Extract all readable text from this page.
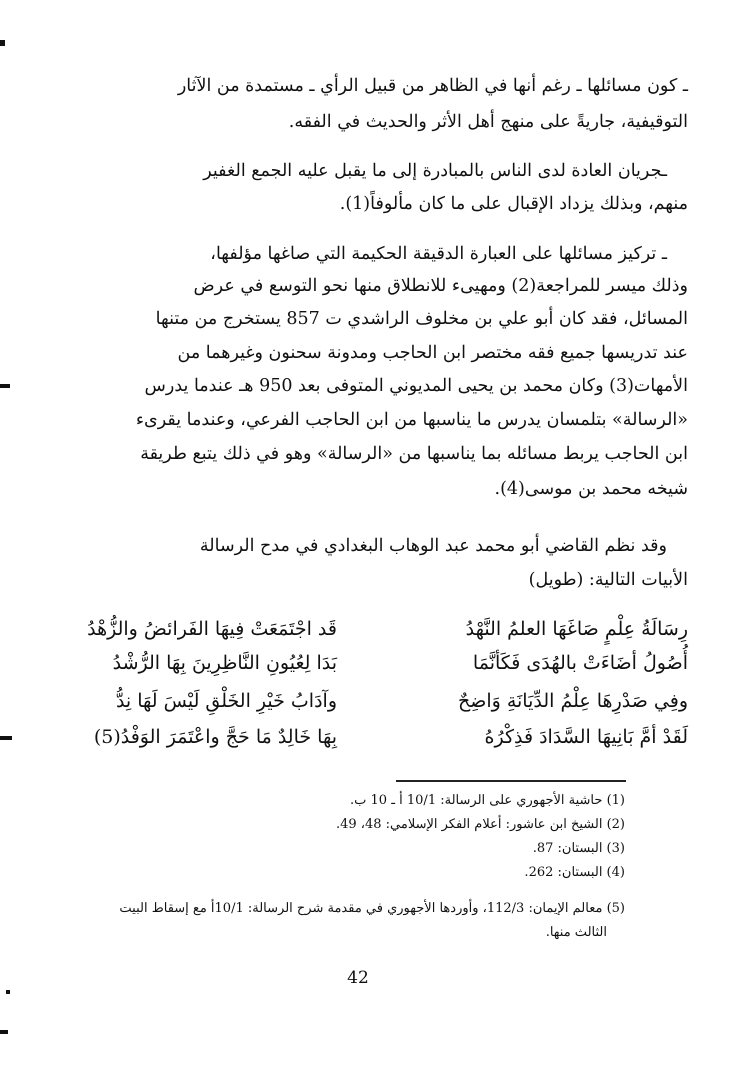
ـ كون مسائلها ـ رغم أنها في الظاهر من قبيل الرأي ـ مستمدة من الآثار
التوقيفية، جاريةً على منهج أهل الأثر والحديث في الفقه.
ـجريان العادة لدى الناس بالمبادرة إلى ما يقبل عليه الجمع الغفير
منهم، وبذلك يزداد الإقبال على ما كان مألوفاً(1).
ـ تركيز مسائلها على العبارة الدقيقة الحكيمة التي صاغها مؤلفها،
وذلك ميسر للمراجعة(2) ومهيىء للانطلاق منها نحو التوسع في عرض
المسائل، فقد كان أبو علي بن مخلوف الراشدي ت 857 يستخرج من متنها
عند تدريسها جميع فقه مختصر ابن الحاجب ومدونة سحنون وغيرهما من
الأمهات(3) وكان محمد بن يحيى المديوني المتوفى بعد 950 هـ عندما يدرس
«الرسالة» بتلمسان يدرس ما يناسبها من ابن الحاجب الفرعي، وعندما يقرىء
ابن الحاجب يربط مسائله بما يناسبها من «الرسالة» وهو في ذلك يتبع طريقة
شيخه محمد بن موسى(4).
وقد نظم القاضي أبو محمد عبد الوهاب البغدادي في مدح الرسالة
الأبيات التالية: (طويل)
رِسَالَةُ عِلْمٍ صَاغَهَا العلمُ النَّهْدُ
قَد اجْتَمَعَتْ فِيهَا الفَرائضُ والزُّهْدُ
أُصُولُ أضَاءَتْ بالهُدَى فَكَأنَّمَا
بَدَا لِعُيُونِ النَّاظِرِينَ بِهَا الرُّشْدُ
وفِي صَدْرِهَا عِلْمُ الدِّيَانَةِ وَاضِحٌ
وآدَابُ خَيْرِ الخَلْقِ لَيْسَ لَهَا نِدُّ
لَقَدْ أمَّ بَانِيهَا السَّدَادَ فَذِكْرُهُ
بِهَا خَالِدٌ مَا حَجَّ واعْتَمَرَ الوَفْدُ(5)
(1) حاشية الأجهوري على الرسالة: 10/1 أ ـ 10 ب.
(2) الشيخ ابن عاشور: أعلام الفكر الإسلامي: 48، 49.
(3) البستان: 87.
(4) البستان: 262.
(5) معالم الإيمان: 112/3، وأوردها الأجهوري في مقدمة شرح الرسالة: 10/1أ مع إسقاط البيت
الثالث منها.
42
